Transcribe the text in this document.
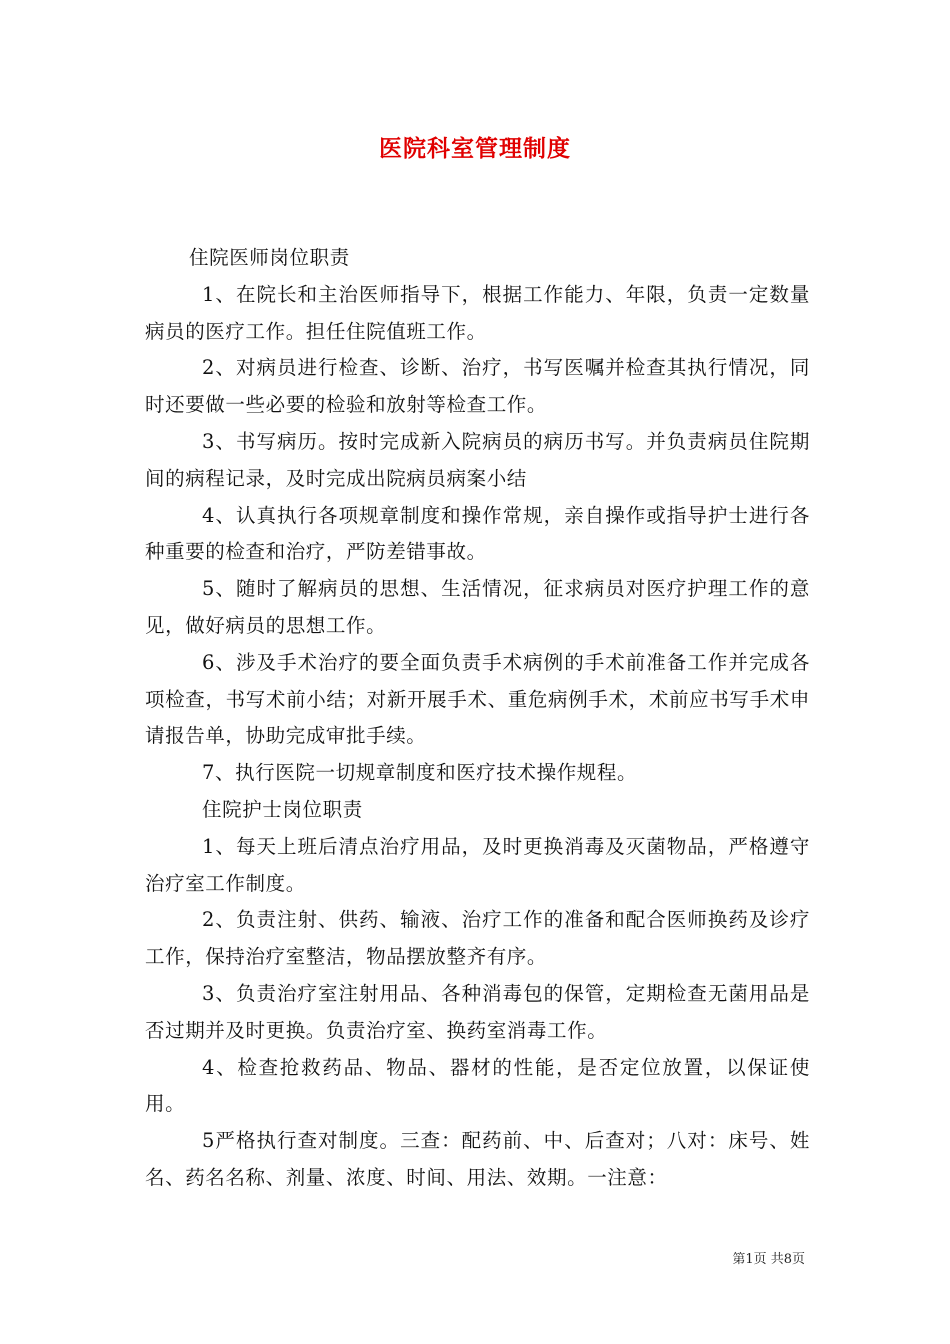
医院科室管理制度

住院医师岗位职责

1、在院长和主治医师指导下，根据工作能力、年限，负责一定数量病员的医疗工作。担任住院值班工作。

2、对病员进行检查、诊断、治疗，书写医嘱并检查其执行情况，同时还要做一些必要的检验和放射等检查工作。

3、书写病历。按时完成新入院病员的病历书写。并负责病员住院期间的病程记录，及时完成出院病员病案小结

4、认真执行各项规章制度和操作常规，亲自操作或指导护士进行各种重要的检查和治疗，严防差错事故。

5、随时了解病员的思想、生活情况，征求病员对医疗护理工作的意见，做好病员的思想工作。

6、涉及手术治疗的要全面负责手术病例的手术前准备工作并完成各项检查，书写术前小结；对新开展手术、重危病例手术，术前应书写手术申请报告单，协助完成审批手续。

7、执行医院一切规章制度和医疗技术操作规程。

住院护士岗位职责

1、每天上班后清点治疗用品，及时更换消毒及灭菌物品，严格遵守治疗室工作制度。

2、负责注射、供药、输液、治疗工作的准备和配合医师换药及诊疗工作，保持治疗室整洁，物品摆放整齐有序。

3、负责治疗室注射用品、各种消毒包的保管，定期检查无菌用品是否过期并及时更换。负责治疗室、换药室消毒工作。

4、检查抢救药品、物品、器材的性能，是否定位放置，以保证使用。

5严格执行查对制度。三查：配药前、中、后查对；八对：床号、姓名、药名名称、剂量、浓度、时间、用法、效期。一注意：

第1页 共8页
